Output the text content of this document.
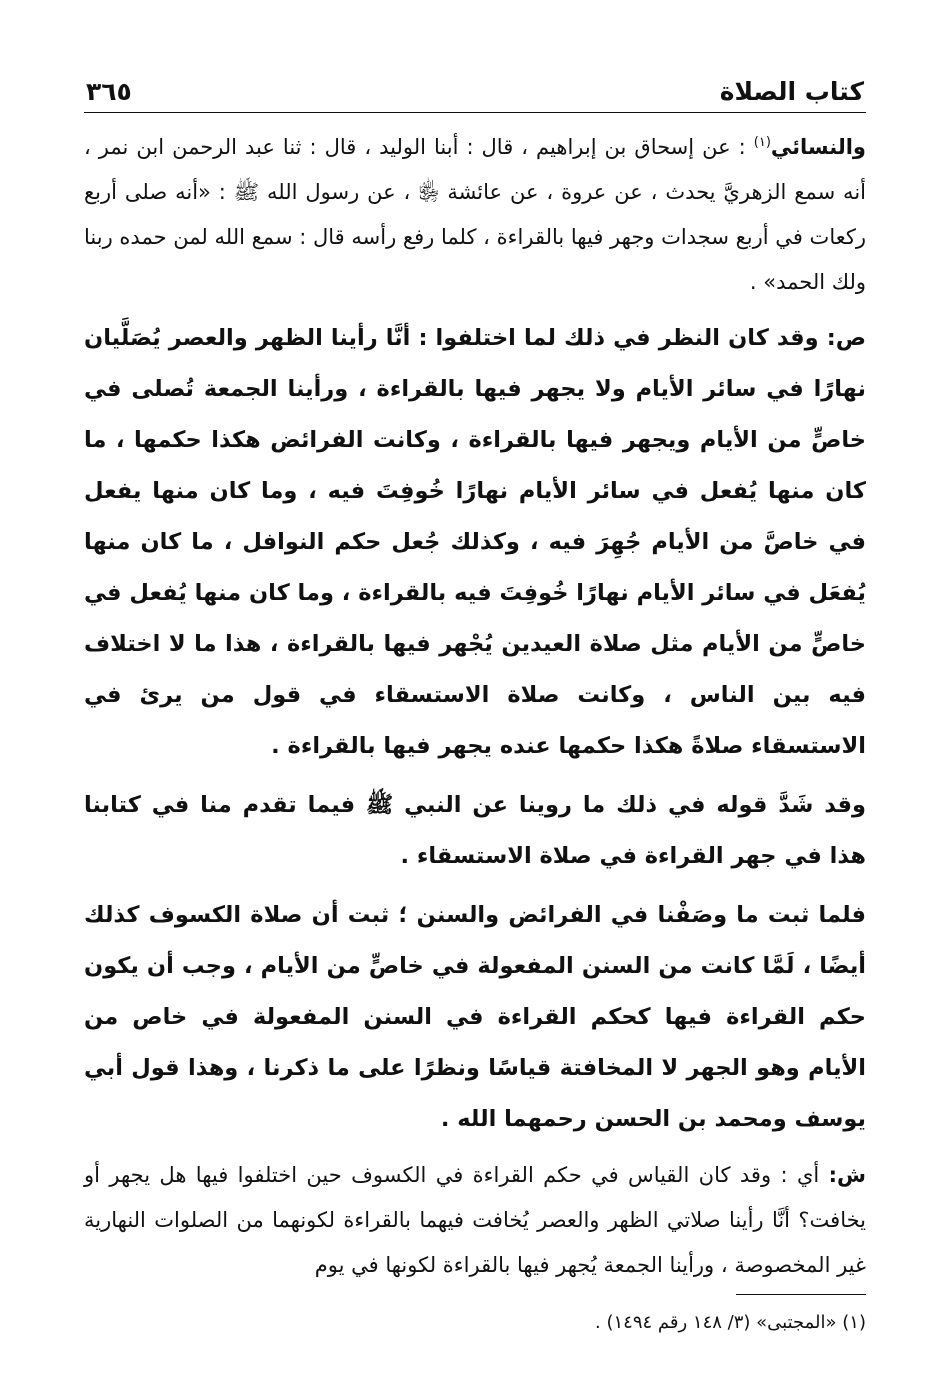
كتاب الصلاة
٣٦٥

والنسائي$^{(١)}$ : عن إسحاق بن إبراهيم ، قال : أبنا الوليد ، قال : ثنا عبد الرحمن ابن نمر ، أنه سمع الزهريَّ يحدث ، عن عروة ، عن عائشة ﵂ ، عن رسول الله ﷺ : «أنه صلى أربع ركعات في أربع سجدات وجهر فيها بالقراءة ، كلما رفع رأسه قال : سمع الله لمن حمده ربنا ولك الحمد» .

ص: وقد كان النظر في ذلك لما اختلفوا : أنَّا رأينا الظهر والعصر يُصَلَّيان نهارًا في سائر الأيام ولا يجهر فيها بالقراءة ، ورأينا الجمعة تُصلى في خاصٍّ من الأيام ويجهر فيها بالقراءة ، وكانت الفرائض هكذا حكمها ، ما كان منها يُفعل في سائر الأيام نهارًا خُوفِتَ فيه ، وما كان منها يفعل في خاصَّ من الأيام جُهِرَ فيه ، وكذلك جُعل حكم النوافل ، ما كان منها يُفعَل في سائر الأيام نهارًا خُوفِتَ فيه بالقراءة ، وما كان منها يُفعل في خاصٍّ من الأيام مثل صلاة العيدين يُجْهر فيها بالقراءة ، هذا ما لا اختلاف فيه بين الناس ، وكانت صلاة الاستسقاء في قول من يرئ في الاستسقاء صلاةً هكذا حكمها عنده يجهر فيها بالقراءة .

وقد شَدَّ قوله في ذلك ما روينا عن النبي ﷺ فيما تقدم منا في كتابنا هذا في جهر القراءة في صلاة الاستسقاء .

فلما ثبت ما وصَفْنا في الفرائض والسنن ؛ ثبت أن صلاة الكسوف كذلك أيضًا ، لَمَّا كانت من السنن المفعولة في خاصٍّ من الأيام ، وجب أن يكون حكم القراءة فيها كحكم القراءة في السنن المفعولة في خاص من الأيام وهو الجهر لا المخافتة قياسًا ونظرًا على ما ذكرنا ، وهذا قول أبي يوسف ومحمد بن الحسن رحمهما الله .

ش: أي : وقد كان القياس في حكم القراءة في الكسوف حين اختلفوا فيها هل يجهر أو يخافت؟ أنَّا رأينا صلاتي الظهر والعصر يُخافت فيهما بالقراءة لكونهما من الصلوات النهارية غير المخصوصة ، ورأينا الجمعة يُجهر فيها بالقراءة لكونها في يوم

(١) «المجتبى» (٣/ ١٤٨ رقم ١٤٩٤) .
